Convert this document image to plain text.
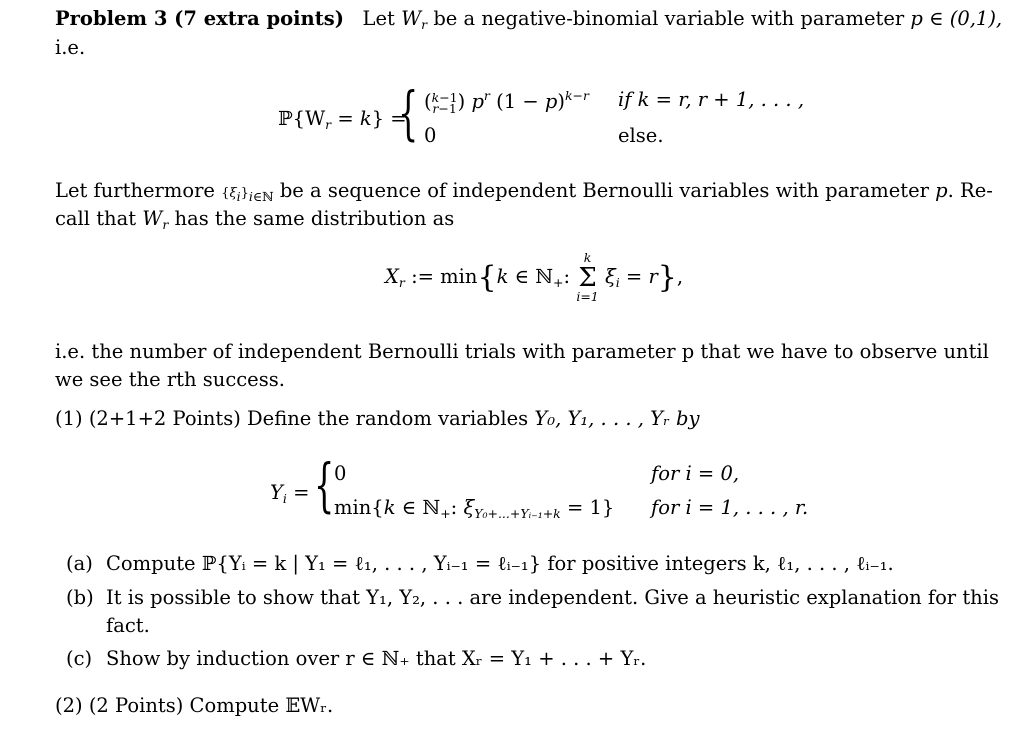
Problem 3 (7 extra points) Let $W_r$ be a negative-binomial variable with parameter p ∈ (0,1),
i.e.
$ℙ\{W_r = k\}$ =
{ (k−1
r−1) $p^r$ $(1 - p)^{k-r}$ if k = r, r + 1, . . . ,
0	else.
Let furthermore {ξi}i∈ℕ be a sequence of independent Bernoulli variables with parameter p. Re-
call that $W_r$ has the same distribution as
$X_r$ := min{k ∈ ℕ$_+$:
k
Σ
i=1
$\xi_i = r$},
i.e. the number of independent Bernoulli trials with parameter p that we have to observe until
we see the rth success.
(1) (2+1+2 Points) Define the random variables Y₀, Y₁, . . . , Yᵣ by
$Y_i$ = { 0	for i = 0,
min{k ∈ ℕ$_+$: $\xi_{Y_0+...+Yᵢ_{-1}+k} = 1$} for i = 1, . . . , r.
(a) Compute ℙ{Yᵢ = k | Y₁ = ℓ₁, . . . , Yᵢ₋₁ = ℓᵢ₋₁} for positive integers k, ℓ₁, . . . , ℓᵢ₋₁.
(b) It is possible to show that Y₁, Y₂, . . . are independent. Give a heuristic explanation for this
fact.
(c) Show by induction over r ∈ ℕ₊ that Xᵣ = Y₁ + . . . + Yᵣ.
(2) (2 Points) Compute 𝔼Wᵣ.
